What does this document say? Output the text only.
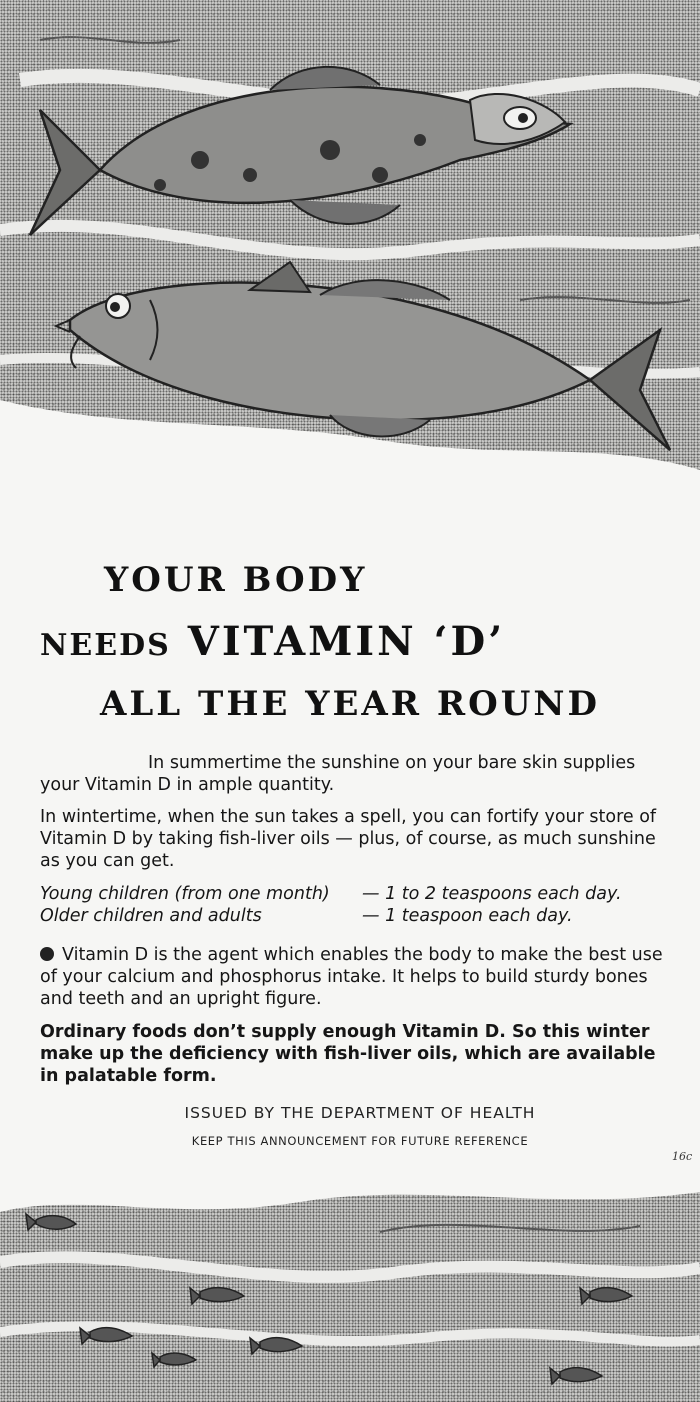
YOUR BODY
NEEDS VITAMIN ‘D’
ALL THE YEAR ROUND
In summertime the sunshine on your bare skin supplies your Vitamin D in ample quantity.
In wintertime, when the sun takes a spell, you can fortify your store of Vitamin D by taking fish-liver oils — plus, of course, as much sunshine as you can get.
Young children (from one month)	— 1 to 2 teaspoons each day.
Older children and adults	— 1 teaspoon each day.
Vitamin D is the agent which enables the body to make the best use of your calcium and phosphorus intake. It helps to build sturdy bones and teeth and an upright figure.
Ordinary foods don’t supply enough Vitamin D. So this winter make up the deficiency with fish-liver oils, which are available in palatable form.
ISSUED BY THE DEPARTMENT OF HEALTH
KEEP THIS ANNOUNCEMENT FOR FUTURE REFERENCE
16c
